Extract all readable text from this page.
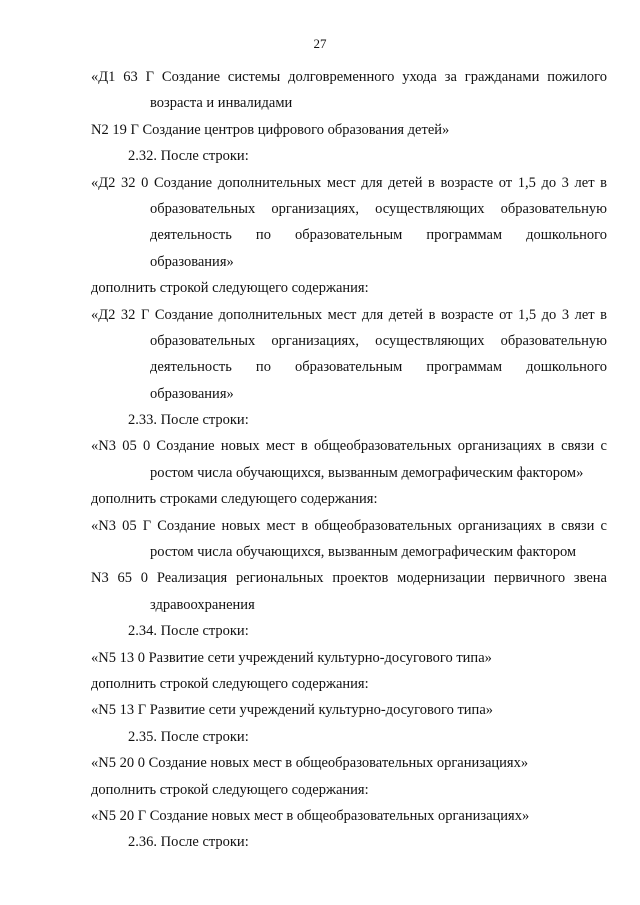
27
«Д1 63 Г Создание системы долговременного ухода за гражданами пожилого
возраста и инвалидами
N2 19 Г Создание центров цифрового образования детей»
2.32. После строки:
«Д2 32 0 Создание дополнительных мест для детей в возрасте от 1,5 до 3 лет в
образовательных организациях, осуществляющих образовательную
деятельность по образовательным программам дошкольного
образования»
дополнить строкой следующего содержания:
«Д2 32 Г Создание дополнительных мест для детей в возрасте от 1,5 до 3 лет в
образовательных организациях, осуществляющих образовательную
деятельность по образовательным программам дошкольного
образования»
2.33. После строки:
«N3 05 0 Создание новых мест в общеобразовательных организациях в связи с
ростом числа обучающихся, вызванным демографическим фактором»
дополнить строками следующего содержания:
«N3 05 Г Создание новых мест в общеобразовательных организациях в связи с
ростом числа обучающихся, вызванным демографическим фактором
N3 65 0 Реализация региональных проектов модернизации первичного звена
здравоохранения
2.34. После строки:
«N5 13 0 Развитие сети учреждений культурно-досугового типа»
дополнить строкой следующего содержания:
«N5 13 Г Развитие сети учреждений культурно-досугового типа»
2.35. После строки:
«N5 20 0 Создание новых мест в общеобразовательных организациях»
дополнить строкой следующего содержания:
«N5 20 Г Создание новых мест в общеобразовательных организациях»
2.36. После строки:
